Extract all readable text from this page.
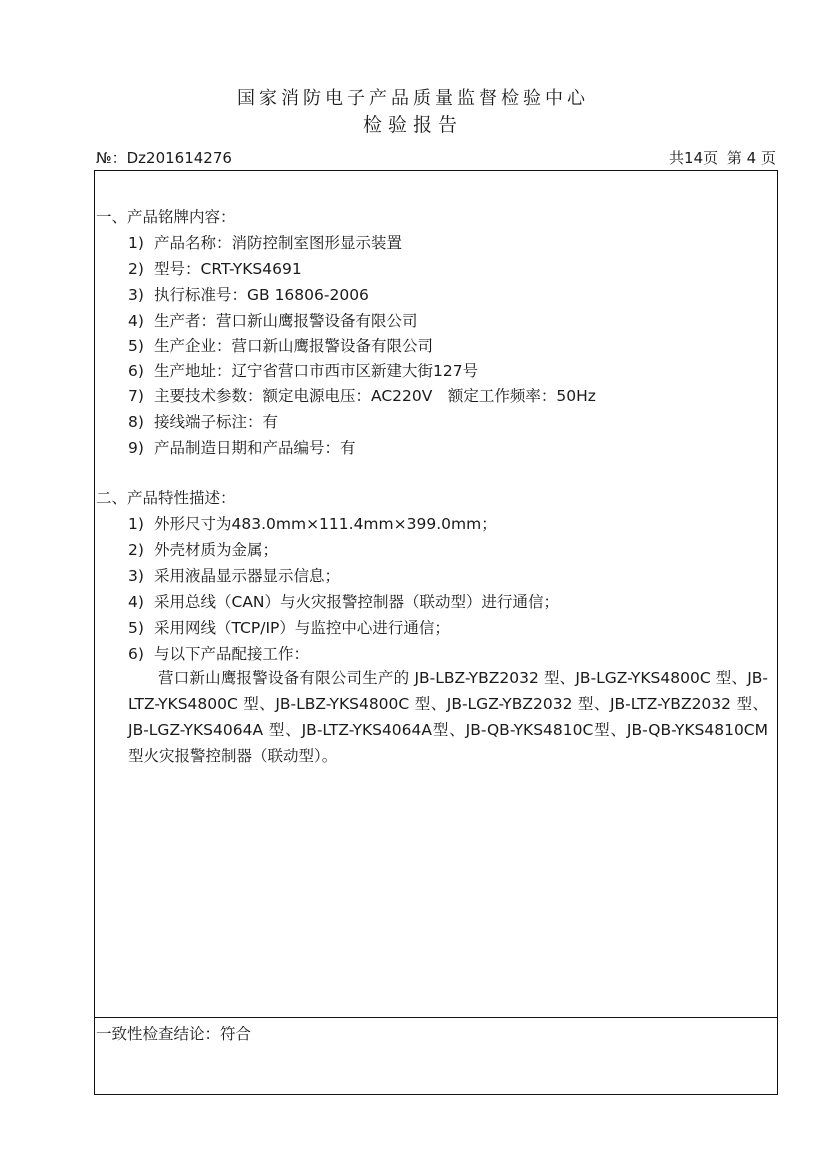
国家消防电子产品质量监督检验中心
检验报告
№：Dz201614276	共14页 第 4 页
一、产品铭牌内容：
1) 产品名称：消防控制室图形显示装置
2) 型号：CRT-YKS4691
3) 执行标准号：GB 16806-2006
4) 生产者：营口新山鹰报警设备有限公司
5) 生产企业：营口新山鹰报警设备有限公司
6) 生产地址：辽宁省营口市西市区新建大街127号
7) 主要技术参数：额定电源电压：AC220V　额定工作频率：50Hz
8) 接线端子标注：有
9) 产品制造日期和产品编号：有
二、产品特性描述：
1) 外形尺寸为483.0mm×111.4mm×399.0mm；
2) 外壳材质为金属；
3) 采用液晶显示器显示信息；
4) 采用总线（CAN）与火灾报警控制器（联动型）进行通信；
5) 采用网线（TCP/IP）与监控中心进行通信；
6) 与以下产品配接工作：
营口新山鹰报警设备有限公司生产的 JB-LBZ-YBZ2032 型、JB-LGZ-YKS4800C 型、JB-LTZ-YKS4800C 型、JB-LBZ-YKS4800C 型、JB-LGZ-YBZ2032 型、JB-LTZ-YBZ2032 型、JB-LGZ-YKS4064A 型、JB-LTZ-YKS4064A型、JB-QB-YKS4810C型、JB-QB-YKS4810CM型火灾报警控制器（联动型）。
一致性检查结论：符合
